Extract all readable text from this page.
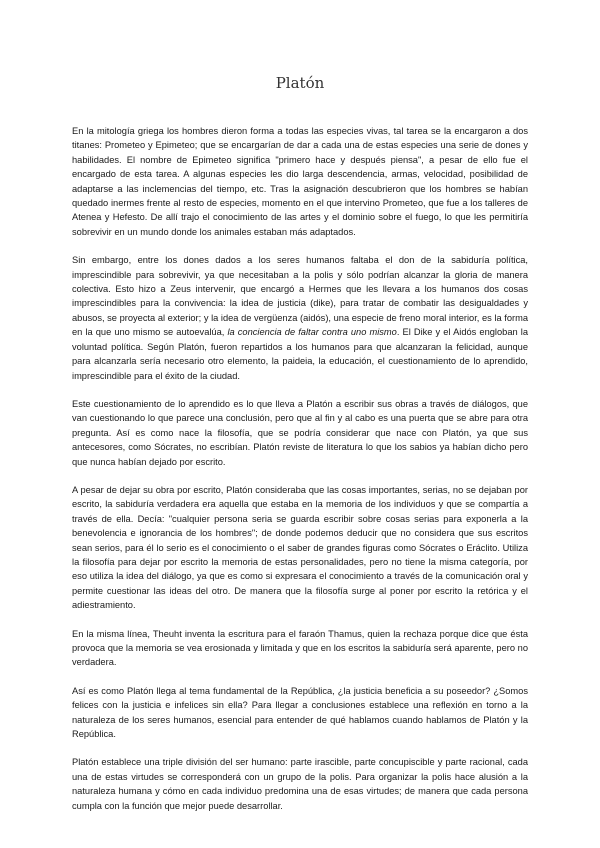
Platón

En la mitología griega los hombres dieron forma a todas las especies vivas, tal tarea se la encargaron a dos titanes: Prometeo y Epimeteo; que se encargarían de dar a cada una de estas especies una serie de dones y habilidades. El nombre de Epimeteo significa "primero hace y después piensa", a pesar de ello fue el encargado de esta tarea. A algunas especies les dio larga descendencia, armas, velocidad, posibilidad de adaptarse a las inclemencias del tiempo, etc. Tras la asignación descubrieron que los hombres se habían quedado inermes frente al resto de especies, momento en el que intervino Prometeo, que fue a los talleres de Atenea y Hefesto. De allí trajo el conocimiento de las artes y el dominio sobre el fuego, lo que les permitiría sobrevivir en un mundo donde los animales estaban más adaptados.

Sin embargo, entre los dones dados a los seres humanos faltaba el don de la sabiduría política, imprescindible para sobrevivir, ya que necesitaban a la polis y sólo podrían alcanzar la gloria de manera colectiva. Esto hizo a Zeus intervenir, que encargó a Hermes que les llevara a los humanos dos cosas imprescindibles para la convivencia: la idea de justicia (dike), para tratar de combatir las desigualdades y abusos, se proyecta al exterior; y la idea de vergüenza (aidós), una especie de freno moral interior, es la forma en la que uno mismo se autoevalúa, la conciencia de faltar contra uno mismo. El Dike y el Aidós engloban la voluntad política. Según Platón, fueron repartidos a los humanos para que alcanzaran la felicidad, aunque para alcanzarla sería necesario otro elemento, la paideia, la educación, el cuestionamiento de lo aprendido, imprescindible para el éxito de la ciudad.

Este cuestionamiento de lo aprendido es lo que lleva a Platón a escribir sus obras a través de diálogos, que van cuestionando lo que parece una conclusión, pero que al fin y al cabo es una puerta que se abre para otra pregunta. Así es como nace la filosofía, que se podría considerar que nace con Platón, ya que sus antecesores, como Sócrates, no escribían. Platón reviste de literatura lo que los sabios ya habían dicho pero que nunca habían dejado por escrito.

A pesar de dejar su obra por escrito, Platón consideraba que las cosas importantes, serias, no se dejaban por escrito, la sabiduría verdadera era aquella que estaba en la memoria de los individuos y que se compartía a través de ella. Decía: "cualquier persona seria se guarda escribir sobre cosas serias para exponerla a la benevolencia e ignorancia de los hombres"; de donde podemos deducir que no considera que sus escritos sean serios, para él lo serio es el conocimiento o el saber de grandes figuras como Sócrates o Eráclito. Utiliza la filosofía para dejar por escrito la memoria de estas personalidades, pero no tiene la misma categoría, por eso utiliza la idea del diálogo, ya que es como si expresara el conocimiento a través de la comunicación oral y permite cuestionar las ideas del otro. De manera que la filosofía surge al poner por escrito la retórica y el adiestramiento.

En la misma línea, Theuht inventa la escritura para el faraón Thamus, quien la rechaza porque dice que ésta provoca que la memoria se vea erosionada y limitada y que en los escritos la sabiduría será aparente, pero no verdadera.

Así es como Platón llega al tema fundamental de la República, ¿la justicia beneficia a su poseedor? ¿Somos felices con la justicia e infelices sin ella? Para llegar a conclusiones establece una reflexión en torno a la naturaleza de los seres humanos, esencial para entender de qué hablamos cuando hablamos de Platón y la República.

Platón establece una triple división del ser humano: parte irascible, parte concupiscible y parte racional, cada una de estas virtudes se corresponderá con un grupo de la polis. Para organizar la polis hace alusión a la naturaleza humana y cómo en cada individuo predomina una de esas virtudes; de manera que cada persona cumpla con la función que mejor puede desarrollar.
